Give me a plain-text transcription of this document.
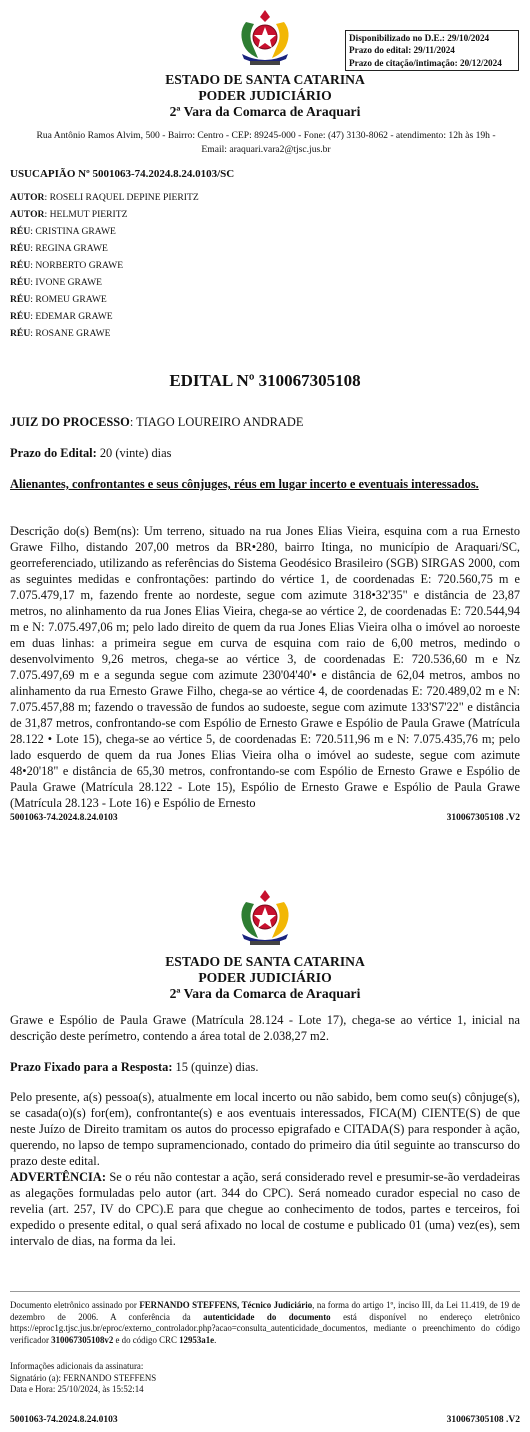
Disponibilizado no D.E.: 29/10/2024
Prazo do edital: 29/11/2024
Prazo de citação/intimação: 20/12/2024
ESTADO DE SANTA CATARINA
PODER JUDICIÁRIO
2ª Vara da Comarca de Araquari
Rua Antônio Ramos Alvim, 500 - Bairro: Centro - CEP: 89245-000 - Fone: (47) 3130-8062 - atendimento: 12h às 19h -
Email: araquari.vara2@tjsc.jus.br
USUCAPIÃO Nº 5001063-74.2024.8.24.0103/SC
AUTOR: ROSELI RAQUEL DEPINE PIERITZ
AUTOR: HELMUT PIERITZ
RÉU: CRISTINA GRAWE
RÉU: REGINA GRAWE
RÉU: NORBERTO GRAWE
RÉU: IVONE GRAWE
RÉU: ROMEU GRAWE
RÉU: EDEMAR GRAWE
RÉU: ROSANE GRAWE
EDITAL Nº 310067305108
JUIZ DO PROCESSO: TIAGO LOUREIRO ANDRADE
Prazo do Edital: 20 (vinte) dias
Alienantes, confrontantes e seus cônjuges, réus em lugar incerto e eventuais interessados.
Descrição do(s) Bem(ns): Um terreno, situado na rua Jones Elias Vieira, esquina com a rua Ernesto Grawe Filho, distando 207,00 metros da BR•280, bairro Itinga, no município de Araquari/SC, georreferenciado, utilizando as referências do Sistema Geodésico Brasileiro (SGB) SIRGAS 2000, com as seguintes medidas e confrontações: partindo do vértice 1, de coordenadas E: 720.560,75 m e 7.075.479,17 m, fazendo frente ao nordeste, segue com azimute 318•32'35" e distância de 23,87 metros, no alinhamento da rua Jones Elias Vieira, chega-se ao vértice 2, de coordenadas E: 720.544,94 m e N: 7.075.497,06 m; pelo lado direito de quem da rua Jones Elias Vieira olha o imóvel ao noroeste em duas linhas: a primeira segue em curva de esquina com raio de 6,00 metros, medindo o desenvolvimento 9,26 metros, chega-se ao vértice 3, de coordenadas E: 720.536,60 m e Nz 7.075.497,69 m e a segunda segue com azimute 230'04'40'• e distância de 62,04 metros, ambos no alinhamento da rua Ernesto Grawe Filho, chega-se ao vértice 4, de coordenadas E: 720.489,02 m e N: 7.075.457,88 m; fazendo o travessão de fundos ao sudoeste, segue com azimute 133'S7'22" e distância de 31,87 metros, confrontando-se com Espólio de Ernesto Grawe e Espólio de Paula Grawe (Matrícula 28.122 • Lote 15), chega-se ao vértice 5, de coordenadas E: 720.511,96 m e N: 7.075.435,76 m; pelo lado esquerdo de quem da rua Jones Elias Vieira olha o imóvel ao sudeste, segue com azimute 48•20'18" e distância de 65,30 metros, confrontando-se com Espólio de Ernesto Grawe e Espólio de Paula Grawe (Matrícula 28.122 - Lote 15), Espólio de Ernesto Grawe e Espólio de Paula Grawe (Matrícula 28.123 - Lote 16) e Espólio de Ernesto
5001063-74.2024.8.24.0103	310067305108 .V2
ESTADO DE SANTA CATARINA
PODER JUDICIÁRIO
2ª Vara da Comarca de Araquari
Grawe e Espólio de Paula Grawe (Matrícula 28.124 - Lote 17), chega-se ao vértice 1, inicial na descrição deste perímetro, contendo a área total de 2.038,27 m2.
Prazo Fixado para a Resposta: 15 (quinze) dias.
Pelo presente, a(s) pessoa(s), atualmente em local incerto ou não sabido, bem como seu(s) cônjuge(s), se casada(o)(s) for(em), confrontante(s) e aos eventuais interessados, FICA(M) CIENTE(S) de que neste Juízo de Direito tramitam os autos do processo epigrafado e CITADA(S) para responder à ação, querendo, no lapso de tempo supramencionado, contado do primeiro dia útil seguinte ao transcurso do prazo deste edital.
ADVERTÊNCIA: Se o réu não contestar a ação, será considerado revel e presumir-se-ão verdadeiras as alegações formuladas pelo autor (art. 344 do CPC). Será nomeado curador especial no caso de revelia (art. 257, IV do CPC).E para que chegue ao conhecimento de todos, partes e terceiros, foi expedido o presente edital, o qual será afixado no local de costume e publicado 01 (uma) vez(es), sem intervalo de dias, na forma da lei.
Documento eletrônico assinado por FERNANDO STEFFENS, Técnico Judiciário, na forma do artigo 1º, inciso III, da Lei 11.419, de 19 de dezembro de 2006. A conferência da autenticidade do documento está disponível no endereço eletrônico https://eproc1g.tjsc.jus.br/eproc/externo_controlador.php?acao=consulta_autenticidade_documentos, mediante o preenchimento do código verificador 310067305108v2 e do código CRC 12953a1e.
Informações adicionais da assinatura:
Signatário (a): FERNANDO STEFFENS
Data e Hora: 25/10/2024, às 15:52:14
5001063-74.2024.8.24.0103	310067305108 .V2
